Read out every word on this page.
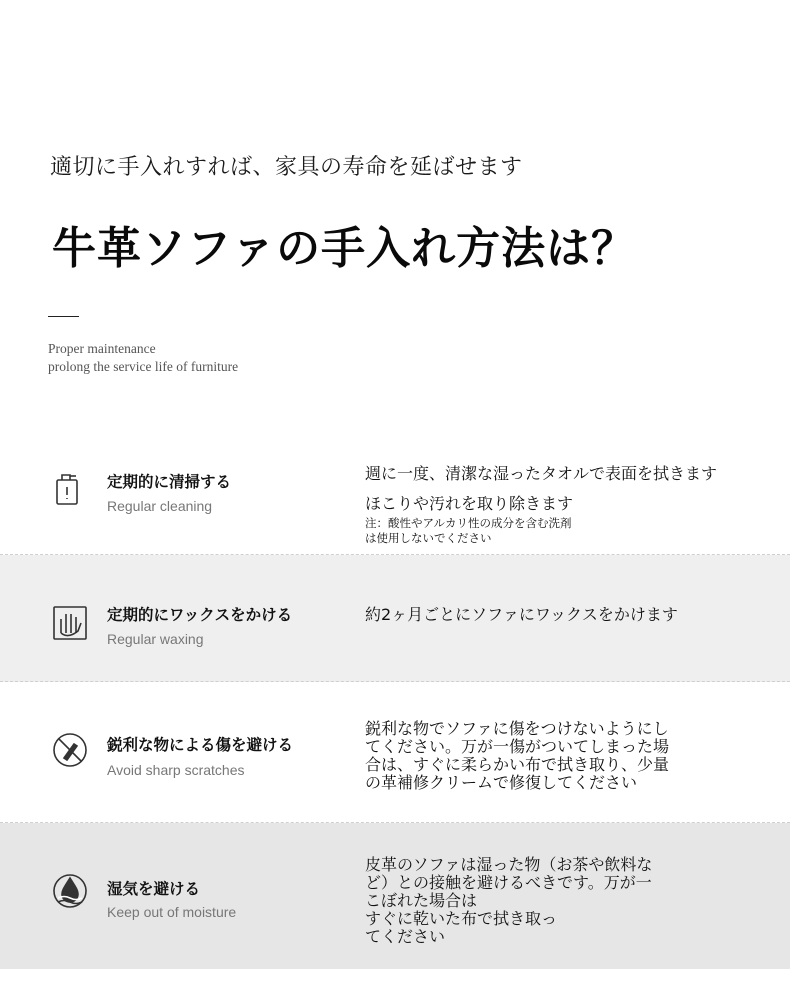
適切に手入れすれば、家具の寿命を延ばせます
牛革ソファの手入れ方法は？
Proper maintenance
prolong the service life of furniture
定期的に清掃する
Regular cleaning
週に一度、清潔な湿ったタオルで表面を拭きます
ほこりや汚れを取り除きます
注：酸性やアルカリ性の成分を含む洗剤
は使用しないでください
定期的にワックスをかける
Regular waxing
約2ヶ月ごとにソファにワックスをかけます
鋭利な物による傷を避ける
Avoid sharp scratches
鋭利な物でソファに傷をつけないようにし
てください。万が一傷がついてしまった場
合は、すぐに柔らかい布で拭き取り、少量
の革補修クリームで修復してください
湿気を避ける
Keep out of moisture
皮革のソファは湿った物（お茶や飲料な
ど）との接触を避けるべきです。万が一
こぼれた場合は
すぐに乾いた布で拭き取っ
てください
